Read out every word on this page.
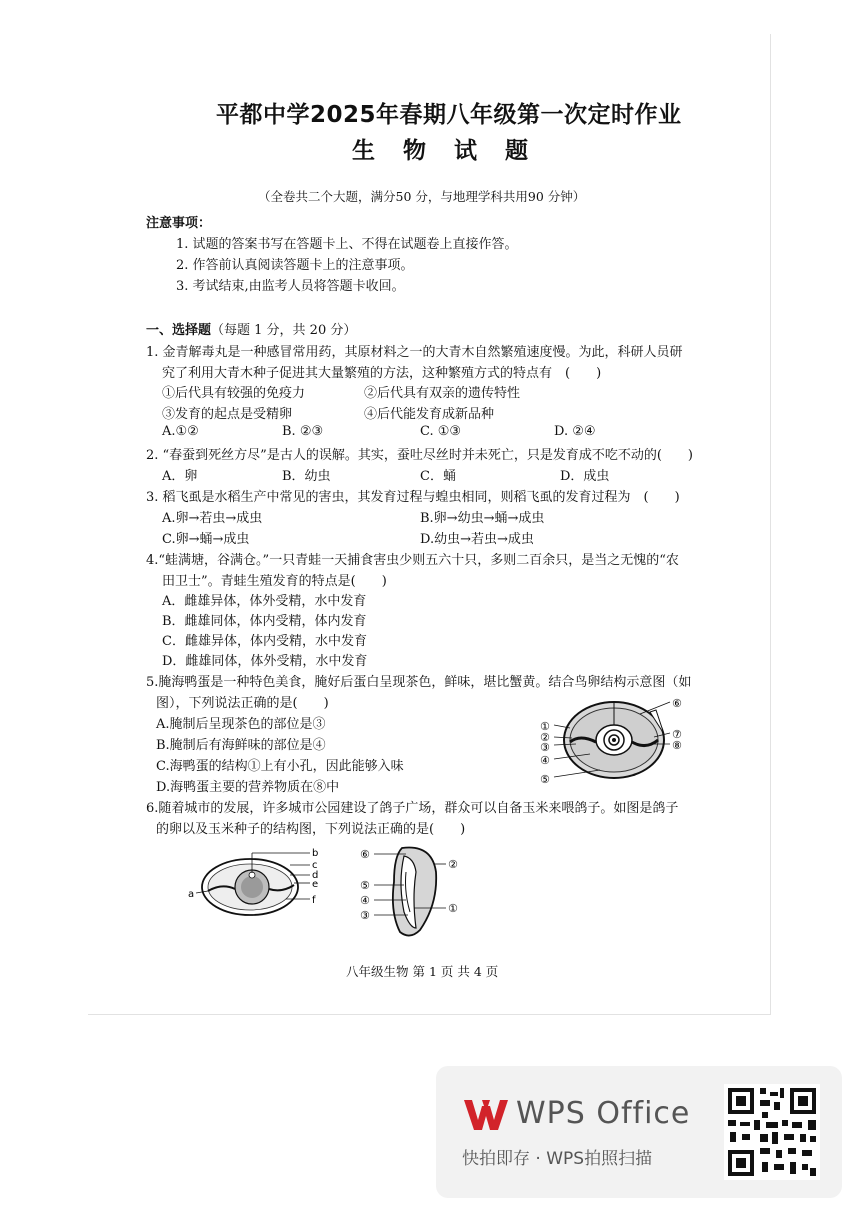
平都中学2025年春期八年级第一次定时作业
生 物 试 题
（全卷共二个大题，满分50 分，与地理学科共用90 分钟）
注意事项：
1. 试题的答案书写在答题卡上、不得在试题卷上直接作答。
2. 作答前认真阅读答题卡上的注意事项。
3. 考试结束,由监考人员将答题卡收回。
一、选择题（每题 1 分，共 20 分）
1. 金青解毒丸是一种感冒常用药，其原材料之一的大青木自然繁殖速度慢。为此，科研人员研
究了利用大青木种子促进其大量繁殖的方法，这种繁殖方式的特点有　(　　)
①后代具有较强的免疫力	②后代具有双亲的遗传特性
③发育的起点是受精卵	④后代能发育成新品种
A.①②	B. ②③	C. ①③	D. ②④
2. “春蚕到死丝方尽”是古人的误解。其实，蚕吐尽丝时并未死亡，只是发育成不吃不动的(　　)
A．卵	B．幼虫	C．蛹	D．成虫
3. 稻飞虱是水稻生产中常见的害虫，其发育过程与蝗虫相同，则稻飞虱的发育过程为　(　　)
A.卵→若虫→成虫	B.卵→幼虫→蛹→成虫
C.卵→蛹→成虫	D.幼虫→若虫→成虫
4.“蛙满塘，谷满仓。”一只青蛙一天捕食害虫少则五六十只，多则二百余只，是当之无愧的“农
田卫士”。青蛙生殖发育的特点是(　　)
A．雌雄异体，体外受精，水中发育
B．雌雄同体，体内受精，体内发育
C．雌雄异体，体内受精，水中发育
D．雌雄同体，体外受精，水中发育
5.腌海鸭蛋是一种特色美食，腌好后蛋白呈现茶色，鲜味，堪比蟹黄。结合鸟卵结构示意图（如
图），下列说法正确的是(　　)
A.腌制后呈现茶色的部位是③
B.腌制后有海鲜味的部位是④
C.海鸭蛋的结构①上有小孔，因此能够入味
D.海鸭蛋主要的营养物质在⑧中
①
②
③
④
⑤
⑥
⑦
⑧
6.随着城市的发展，许多城市公园建设了鸽子广场，群众可以自备玉米来喂鸽子。如图是鸽子
的卵以及玉米种子的结构图，下列说法正确的是(　　)
a
b
c
d
e
f
⑥
②
⑤
④
①
③
八年级生物 第 1 页 共 4 页
WPS Office
快拍即存 · WPS拍照扫描
